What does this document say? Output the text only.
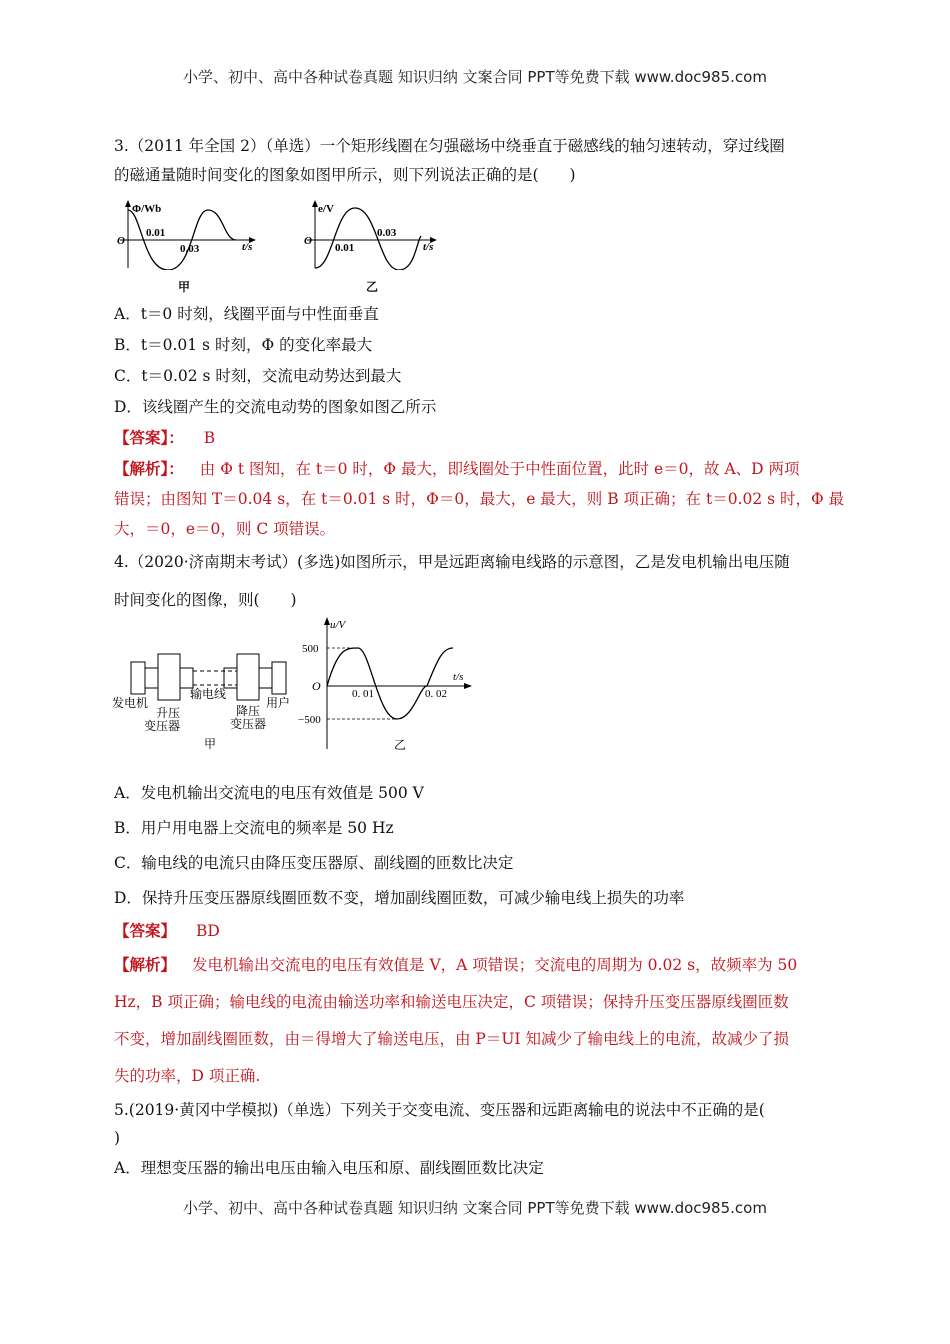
小学、初中、高中各种试卷真题 知识归纳 文案合同 PPT等免费下载 www.doc985.com
3.（2011 年全国 2）（单选）一个矩形线圈在匀强磁场中绕垂直于磁感线的轴匀速转动，穿过线圈
的磁通量随时间变化的图象如图甲所示，则下列说法正确的是(　　)
Φ/Wb
O
0.01
0.03	t/s
甲
e/V
O
0.01
0.03
t/s
乙
A．t＝0 时刻，线圈平面与中性面垂直
B．t＝0.01 s 时刻，Φ 的变化率最大
C．t＝0.02 s 时刻，交流电动势达到最大
D．该线圈产生的交流电动势的图象如图乙所示
【答案】： B
【解析】： 由 Φ t 图知，在 t＝0 时，Φ 最大，即线圈处于中性面位置，此时 e＝0，故 A、D 两项
错误；由图知 T＝0.04 s，在 t＝0.01 s 时，Φ＝0，最大，e 最大，则 B 项正确；在 t＝0.02 s 时，Φ 最
大，＝0，e＝0，则 C 项错误。
4.（2020·济南期末考试）(多选)如图所示，甲是远距离输电线路的示意图，乙是发电机输出电压随
时间变化的图像，则(　　)
发电机
升压
变压器
输电线
降压
变压器
用户
甲
u/V
500
O
−500
0. 01	0. 02
t/s
乙
A．发电机输出交流电的电压有效值是 500 V
B．用户用电器上交流电的频率是 50 Hz
C．输电线的电流只由降压变压器原、副线圈的匝数比决定
D．保持升压变压器原线圈匝数不变，增加副线圈匝数，可减少输电线上损失的功率
【答案】 BD
【解析】 发电机输出交流电的电压有效值是 V，A 项错误；交流电的周期为 0.02 s，故频率为 50
Hz，B 项正确；输电线的电流由输送功率和输送电压决定，C 项错误；保持升压变压器原线圈匝数
不变，增加副线圈匝数，由＝得增大了输送电压，由 P＝UI 知减少了输电线上的电流，故减少了损
失的功率，D 项正确.
5.(2019·黄冈中学模拟)（单选）下列关于交变电流、变压器和远距离输电的说法中不正确的是(
)
A．理想变压器的输出电压由输入电压和原、副线圈匝数比决定
小学、初中、高中各种试卷真题 知识归纳 文案合同 PPT等免费下载 www.doc985.com
